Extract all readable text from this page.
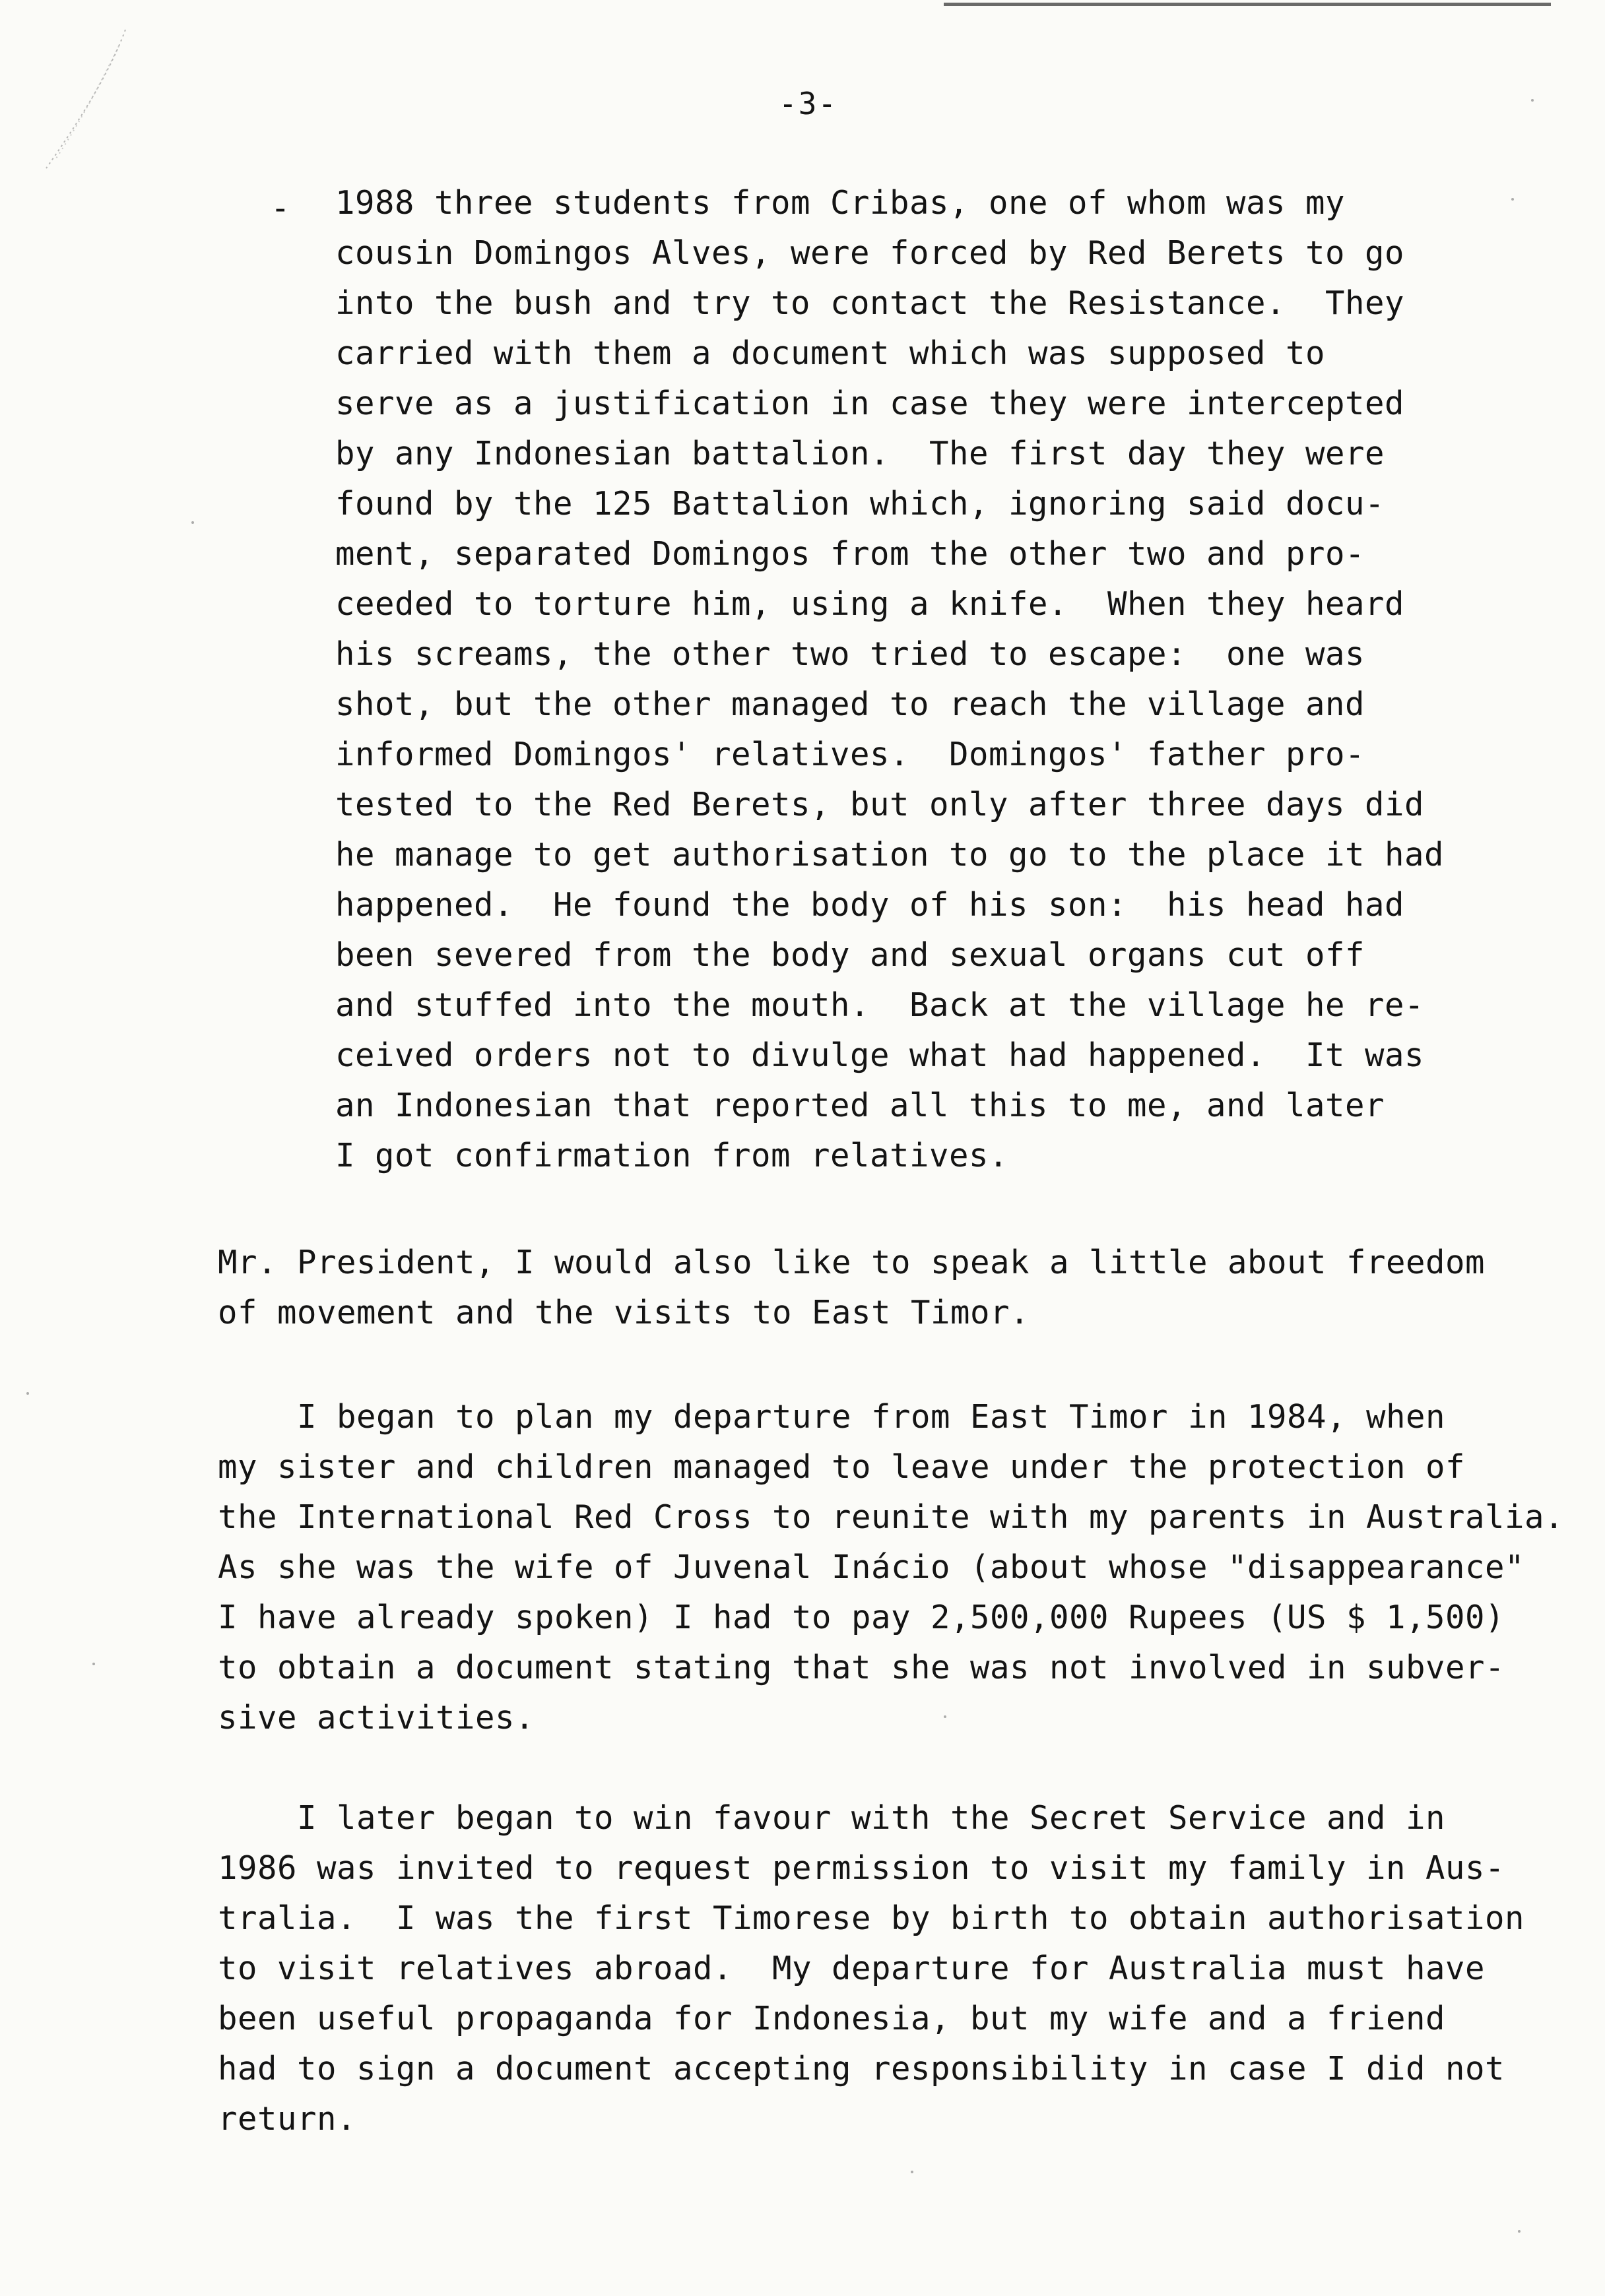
-3-
- 1988 three students from Cribas, one of whom was my
cousin Domingos Alves, were forced by Red Berets to go
into the bush and try to contact the Resistance.  They
carried with them a document which was supposed to
serve as a justification in case they were intercepted
by any Indonesian battalion.  The first day they were
found by the 125 Battalion which, ignoring said docu-
ment, separated Domingos from the other two and pro-
ceeded to torture him, using a knife.  When they heard
his screams, the other two tried to escape:  one was
shot, but the other managed to reach the village and
informed Domingos' relatives.  Domingos' father pro-
tested to the Red Berets, but only after three days did
he manage to get authorisation to go to the place it had
happened.  He found the body of his son:  his head had
been severed from the body and sexual organs cut off
and stuffed into the mouth.  Back at the village he re-
ceived orders not to divulge what had happened.  It was
an Indonesian that reported all this to me, and later
I got confirmation from relatives.
Mr. President, I would also like to speak a little about freedom
of movement and the visits to East Timor.
I began to plan my departure from East Timor in 1984, when
my sister and children managed to leave under the protection of
the International Red Cross to reunite with my parents in Australia.
As she was the wife of Juvenal Inácio (about whose "disappearance"
I have already spoken) I had to pay 2,500,000 Rupees (US $ 1,500)
to obtain a document stating that she was not involved in subver-
sive activities.
I later began to win favour with the Secret Service and in
1986 was invited to request permission to visit my family in Aus-
tralia.  I was the first Timorese by birth to obtain authorisation
to visit relatives abroad.  My departure for Australia must have
been useful propaganda for Indonesia, but my wife and a friend
had to sign a document accepting responsibility in case I did not
return.
